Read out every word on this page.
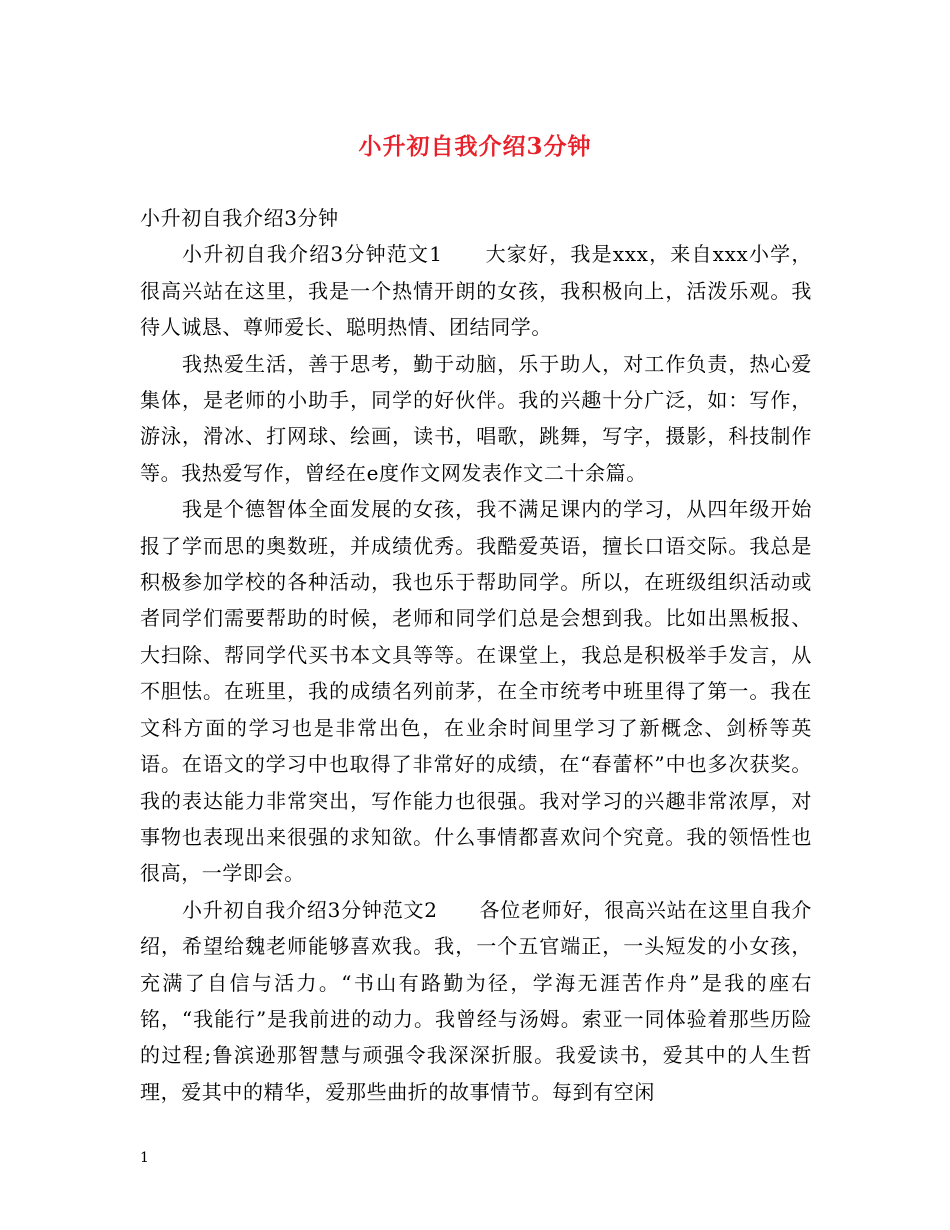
小升初自我介绍3分钟

小升初自我介绍3分钟

小升初自我介绍3分钟范文1　　大家好，我是xxx，来自xxx小学，很高兴站在这里，我是一个热情开朗的女孩，我积极向上，活泼乐观。我待人诚恳、尊师爱长、聪明热情、团结同学。

我热爱生活，善于思考，勤于动脑，乐于助人，对工作负责，热心爱集体，是老师的小助手，同学的好伙伴。我的兴趣十分广泛，如：写作，游泳，滑冰、打网球、绘画，读书，唱歌，跳舞，写字，摄影，科技制作等。我热爱写作，曾经在e度作文网发表作文二十余篇。

我是个德智体全面发展的女孩，我不满足课内的学习，从四年级开始报了学而思的奥数班，并成绩优秀。我酷爱英语，擅长口语交际。我总是积极参加学校的各种活动，我也乐于帮助同学。所以，在班级组织活动或者同学们需要帮助的时候，老师和同学们总是会想到我。比如出黑板报、大扫除、帮同学代买书本文具等等。在课堂上，我总是积极举手发言，从不胆怯。在班里，我的成绩名列前茅，在全市统考中班里得了第一。我在文科方面的学习也是非常出色，在业余时间里学习了新概念、剑桥等英语。在语文的学习中也取得了非常好的成绩，在“春蕾杯”中也多次获奖。我的表达能力非常突出，写作能力也很强。我对学习的兴趣非常浓厚，对事物也表现出来很强的求知欲。什么事情都喜欢问个究竟。我的领悟性也很高，一学即会。

小升初自我介绍3分钟范文2　　各位老师好，很高兴站在这里自我介绍，希望给魏老师能够喜欢我。我，一个五官端正，一头短发的小女孩，充满了自信与活力。“书山有路勤为径，学海无涯苦作舟”是我的座右铭，“我能行”是我前进的动力。我曾经与汤姆。索亚一同体验着那些历险的过程;鲁滨逊那智慧与顽强令我深深折服。我爱读书，爱其中的人生哲理，爱其中的精华，爱那些曲折的故事情节。每到有空闲

1
